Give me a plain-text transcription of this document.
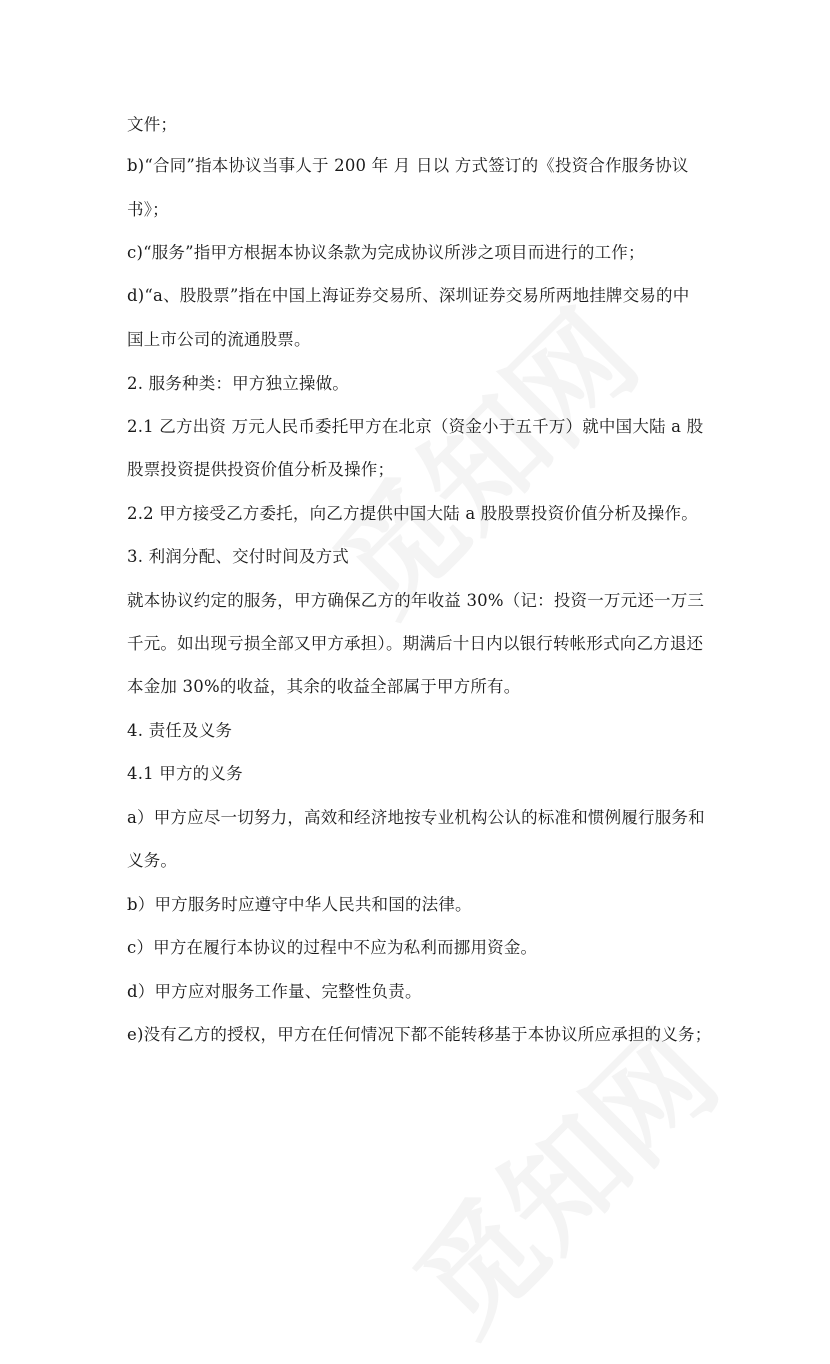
文件；
b)“合同”指本协议当事人于 200 年 月 日以 方式签订的《投资合作服务协议
书》；
c)“服务”指甲方根据本协议条款为完成协议所涉之项目而进行的工作；
d)“a、股股票”指在中国上海证券交易所、深圳证券交易所两地挂牌交易的中
国上市公司的流通股票。
2. 服务种类：甲方独立操做。
2.1 乙方出资 万元人民币委托甲方在北京（资金小于五千万）就中国大陆 a 股
股票投资提供投资价值分析及操作；
2.2 甲方接受乙方委托，向乙方提供中国大陆 a 股股票投资价值分析及操作。
3. 利润分配、交付时间及方式
就本协议约定的服务，甲方确保乙方的年收益 30%（记：投资一万元还一万三
千元。如出现亏损全部又甲方承担）。期满后十日内以银行转帐形式向乙方退还
本金加 30%的收益，其余的收益全部属于甲方所有。
4. 责任及义务
4.1 甲方的义务
a）甲方应尽一切努力，高效和经济地按专业机构公认的标准和惯例履行服务和
义务。
b）甲方服务时应遵守中华人民共和国的法律。
c）甲方在履行本协议的过程中不应为私利而挪用资金。
d）甲方应对服务工作量、完整性负责。
e)没有乙方的授权，甲方在任何情况下都不能转移基于本协议所应承担的义务；
